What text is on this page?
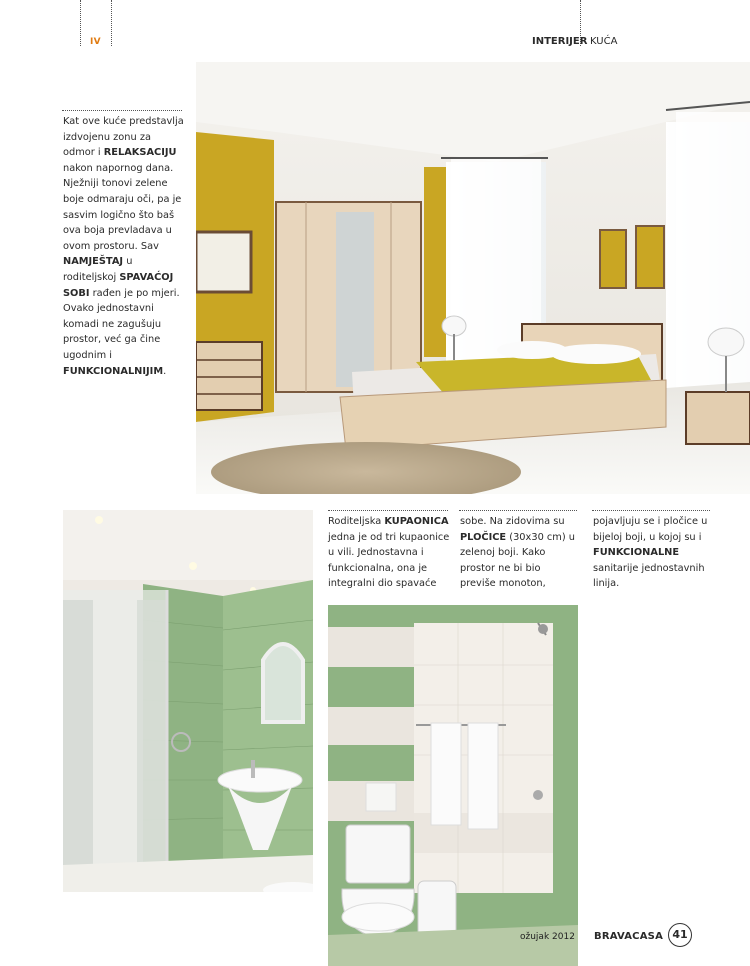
IV	INTERIJER KUĆA
Kat ove kuće predstavlja izdvojenu zonu za odmor i RELAKSACIJU nakon napornog dana. Nježniji tonovi zelene boje odmaraju oči, pa je sasvim logično što baš ova boja prevladava u ovom prostoru. Sav NAMJEŠTAJ u roditeljskoj SPAVAĆOJ SOBI rađen je po mjeri. Ovako jednostavni komadi ne zagušuju prostor, već ga čine ugodnim i FUNKCIONALNIJIM.
Roditeljska KUPAONICA jedna je od tri kupaonice u vili. Jednostavna i funkcionalna, ona je integralni dio spavaće
sobe. Na zidovima su PLOČICE (30x30 cm) u zelenoj boji. Kako prostor ne bi bio previše monoton,
pojavljuju se i pločice u bijeloj boji, u kojoj su i FUNKCIONALNE sanitarije jednostavnih linija.
ožujak 2012 BRAVACASA 41
